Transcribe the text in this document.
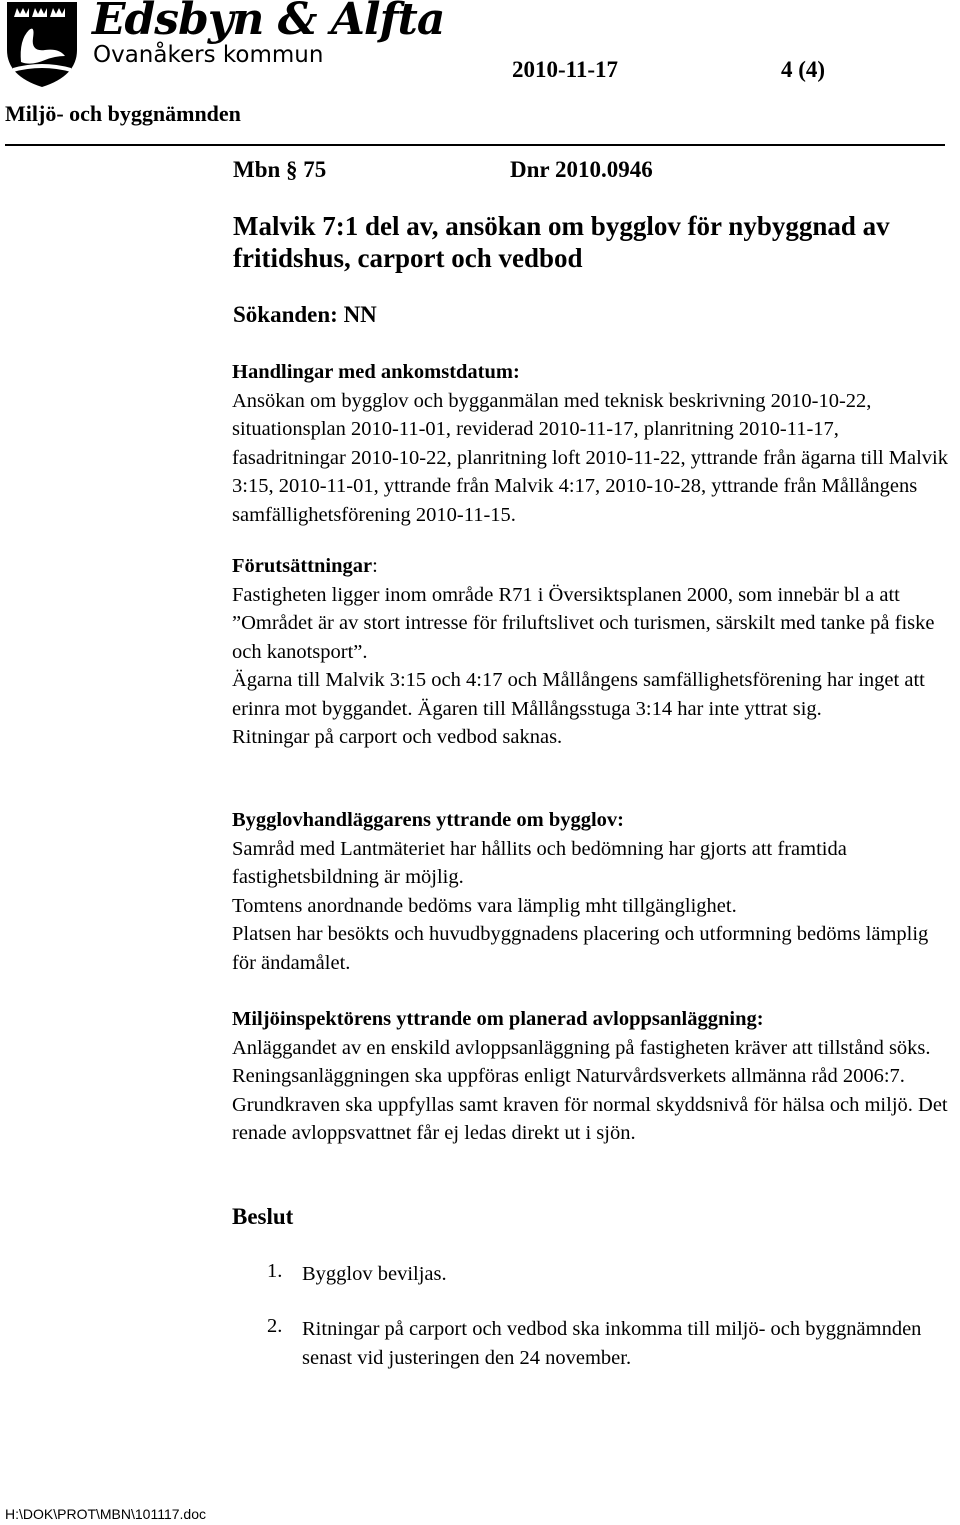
Edsbyn & Alfta
Ovanåkers kommun
2010-11-17	4 (4)
Miljö- och byggnämnden
Mbn § 75	Dnr 2010.0946
Malvik 7:1 del av, ansökan om bygglov för nybyggnad av fritidshus, carport och vedbod
Sökanden: NN
Handlingar med ankomstdatum:
Ansökan om bygglov och bygganmälan med teknisk beskrivning 2010-10-22, situationsplan 2010-11-01, reviderad 2010-11-17, planritning 2010-11-17, fasadritningar 2010-10-22, planritning loft 2010-11-22, yttrande från ägarna till Malvik 3:15, 2010-11-01, yttrande från Malvik 4:17, 2010-10-28, yttrande från Mållångens samfällighetsförening 2010-11-15.
Förutsättningar:
Fastigheten ligger inom område R71 i Översiktsplanen 2000, som innebär bl a att ”Området är av stort intresse för friluftslivet och turismen, särskilt med tanke på fiske och kanotsport”.
Ägarna till Malvik 3:15 och 4:17 och Mållångens samfällighetsförening har inget att erinra mot byggandet. Ägaren till Mållångsstuga 3:14 har inte yttrat sig.
Ritningar på carport och vedbod saknas.
Bygglovhandläggarens yttrande om bygglov:
Samråd med Lantmäteriet har hållits och bedömning har gjorts att framtida fastighetsbildning är möjlig.
Tomtens anordnande bedöms vara lämplig mht tillgänglighet.
Platsen har besökts och huvudbyggnadens placering och utformning bedöms lämplig för ändamålet.
Miljöinspektörens yttrande om planerad avloppsanläggning:
Anläggandet av en enskild avloppsanläggning på fastigheten kräver att tillstånd söks. Reningsanläggningen ska uppföras enligt Naturvårdsverkets allmänna råd 2006:7. Grundkraven ska uppfyllas samt kraven för normal skyddsnivå för hälsa och miljö. Det renade avloppsvattnet får ej ledas direkt ut i sjön.
Beslut
1. Bygglov beviljas.
2. Ritningar på carport och vedbod ska inkomma till miljö- och byggnämnden senast vid justeringen den 24 november.
H:\DOK\PROT\MBN\101117.doc
